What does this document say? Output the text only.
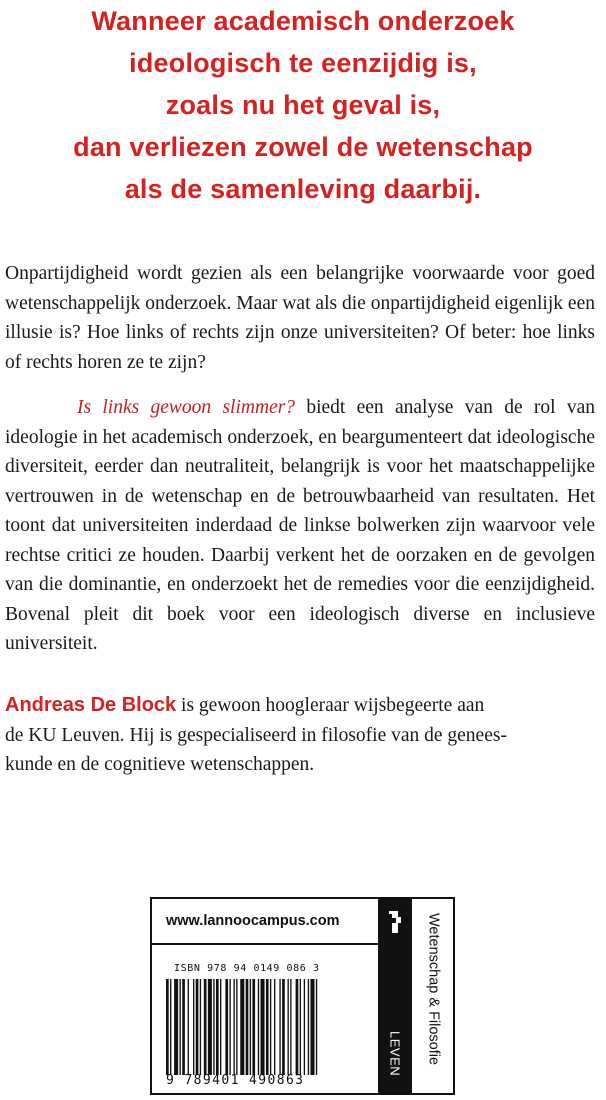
Wanneer academisch onderzoek
ideologisch te eenzijdig is,
zoals nu het geval is,
dan verliezen zowel de wetenschap
als de samenleving daarbij.

Onpartijdigheid wordt gezien als een belangrijke voorwaarde voor goed wetenschappelijk onderzoek. Maar wat als die onpartijdigheid eigenlijk een illusie is? Hoe links of rechts zijn onze universiteiten? Of beter: hoe links of rechts horen ze te zijn?

Is links gewoon slimmer? biedt een analyse van de rol van ideologie in het academisch onderzoek, en beargumenteert dat ideologische diversiteit, eerder dan neutraliteit, belangrijk is voor het maatschappelijke vertrouwen in de wetenschap en de betrouwbaarheid van resultaten. Het toont dat universiteiten inderdaad de linkse bolwerken zijn waarvoor vele rechtse critici ze houden. Daarbij verkent het de oorzaken en de gevolgen van die dominantie, en onderzoekt het de remedies voor die eenzijdigheid. Bovenal pleit dit boek voor een ideologisch diverse en inclusieve universiteit.

Andreas De Block is gewoon hoogleraar wijsbegeerte aan
de KU Leuven. Hij is gespecialiseerd in filosofie van de genees-
kunde en de cognitieve wetenschappen.
www.lannoocampus.com
ISBN 978 94 0149 086 3
9 789401 490863
LEVEN	Wetenschap & Filosofie
